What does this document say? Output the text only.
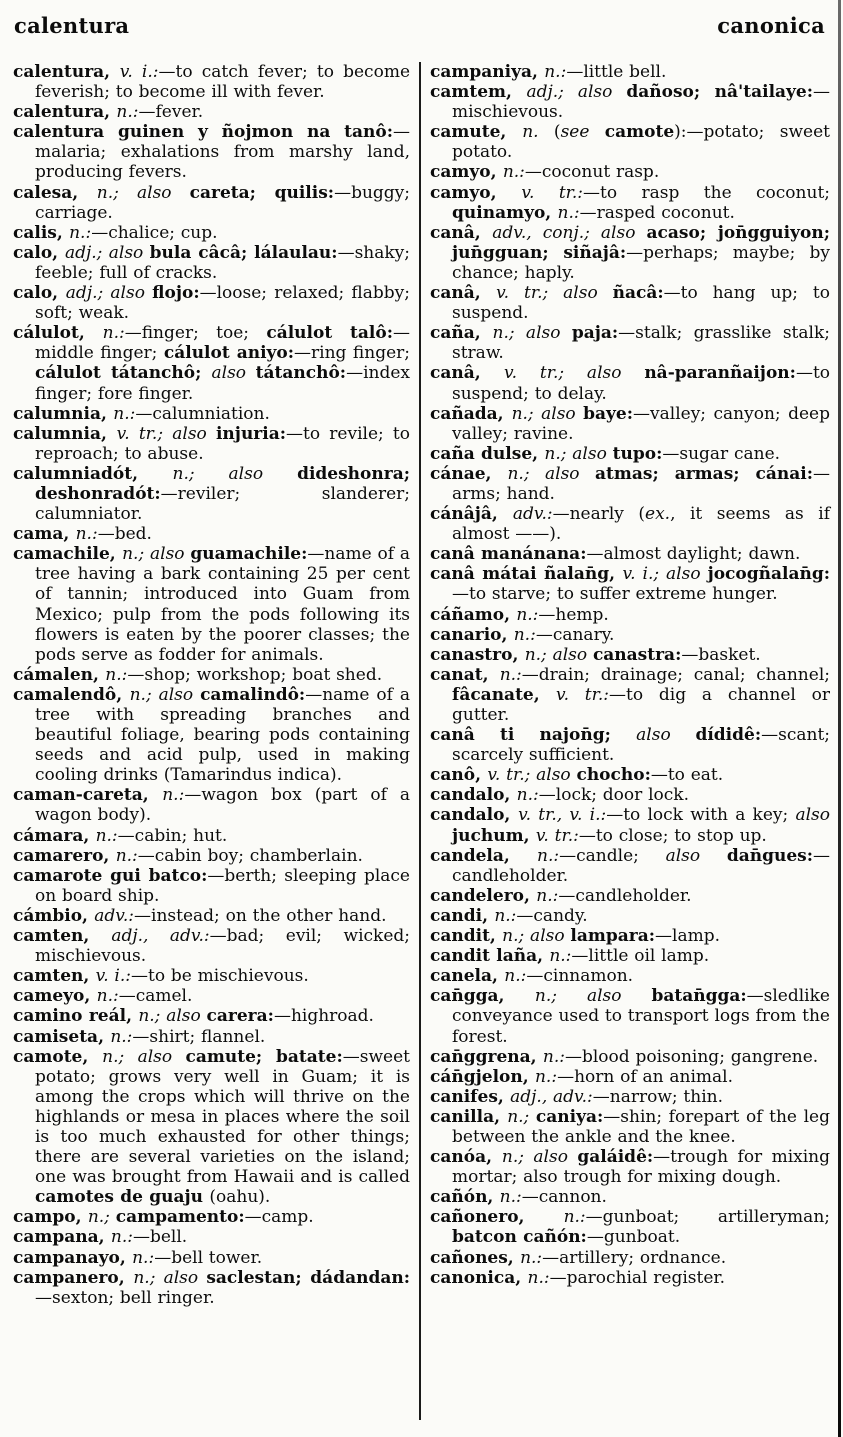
calentura	canonica

calentura, v. i.:—to catch fever; to become feverish; to become ill with fever.

calentura, n.:—fever.

calentura guinen y ñojmon na tanô:—malaria; exhalations from marshy land, producing fevers.

calesa, n.; also careta; quilis:—buggy; carriage.

calis, n.:—chalice; cup.

calo, adj.; also bula câcâ; lálaulau:—shaky; feeble; full of cracks.

calo, adj.; also flojo:—loose; relaxed; flabby; soft; weak.

cálulot, n.:—finger; toe; cálulot talô:—middle finger; cálulot aniyo:—ring finger; cálulot tátanchô; also tátanchô:—index finger; fore finger.

calumnia, n.:—calumniation.

calumnia, v. tr.; also injuria:—to revile; to reproach; to abuse.

calumniadót, n.; also dideshonra; deshonradót:—reviler; slanderer; calumniator.

cama, n.:—bed.

camachile, n.; also guamachile:—name of a tree having a bark containing 25 per cent of tannin; introduced into Guam from Mexico; pulp from the pods following its flowers is eaten by the poorer classes; the pods serve as fodder for animals.

cámalen, n.:—shop; workshop; boat shed.

camalendô, n.; also camalindô:—name of a tree with spreading branches and beautiful foliage, bearing pods containing seeds and acid pulp, used in making cooling drinks (Tamarindus indica).

caman-careta, n.:—wagon box (part of a wagon body).

cámara, n.:—cabin; hut.

camarero, n.:—cabin boy; chamberlain.

camarote gui batco:—berth; sleeping place on board ship.

cámbio, adv.:—instead; on the other hand.

camten, adj., adv.:—bad; evil; wicked; mischievous.

camten, v. i.:—to be mischievous.

cameyo, n.:—camel.

camino reál, n.; also carera:—highroad.

camiseta, n.:—shirt; flannel.

camote, n.; also camute; batate:—sweet potato; grows very well in Guam; it is among the crops which will thrive on the highlands or mesa in places where the soil is too much exhausted for other things; there are several varieties on the island; one was brought from Hawaii and is called camotes de guaju (oahu).

campo, n.; campamento:—camp.

campana, n.:—bell.

campanayo, n.:—bell tower.

campanero, n.; also saclestan; dádandan:—sexton; bell ringer.

campaniya, n.:—little bell.

camtem, adj.; also dañoso; nâ'tailaye:—mischievous.

camute, n. (see camote):—potato; sweet potato.

camyo, n.:—coconut rasp.

camyo, v. tr.:—to rasp the coconut; quinamyo, n.:—rasped coconut.

canâ, adv., conj.; also acaso; jon̄gguiyon; jun̄gguan; siñajâ:—perhaps; maybe; by chance; haply.

canâ, v. tr.; also ñacâ:—to hang up; to suspend.

caña, n.; also paja:—stalk; grasslike stalk; straw.

canâ, v. tr.; also nâ-paranñaijon:—to suspend; to delay.

cañada, n.; also baye:—valley; canyon; deep valley; ravine.

caña dulse, n.; also tupo:—sugar cane.

cánae, n.; also atmas; armas; cánai:—arms; hand.

cánâjâ, adv.:—nearly (ex., it seems as if almost ——).

canâ manánana:—almost daylight; dawn.

canâ mátai ñalan̄g, v. i.; also jocogñalan̄g:—to starve; to suffer extreme hunger.

cáñamo, n.:—hemp.

canario, n.:—canary.

canastro, n.; also canastra:—basket.

canat, n.:—drain; drainage; canal; channel; fâcanate, v. tr.:—to dig a channel or gutter.

canâ ti najon̄g; also dídidê:—scant; scarcely sufficient.

canô, v. tr.; also chocho:—to eat.

candalo, n.:—lock; door lock.

candalo, v. tr., v. i.:—to lock with a key; also juchum, v. tr.:—to close; to stop up.

candela, n.:—candle; also dan̄gues:—candleholder.

candelero, n.:—candleholder.

candi, n.:—candy.

candit, n.; also lampara:—lamp.

candit laña, n.:—little oil lamp.

canela, n.:—cinnamon.

can̄gga, n.; also batan̄gga:—sledlike conveyance used to transport logs from the forest.

can̄ggrena, n.:—blood poisoning; gangrene.

cán̄gjelon, n.:—horn of an animal.

canifes, adj., adv.:—narrow; thin.

canilla, n.; caniya:—shin; forepart of the leg between the ankle and the knee.

canóa, n.; also galáidê:—trough for mixing mortar; also trough for mixing dough.

cañón, n.:—cannon.

cañonero, n.:—gunboat; artilleryman; batcon cañón:—gunboat.

cañones, n.:—artillery; ordnance.

canonica, n.:—parochial register.
